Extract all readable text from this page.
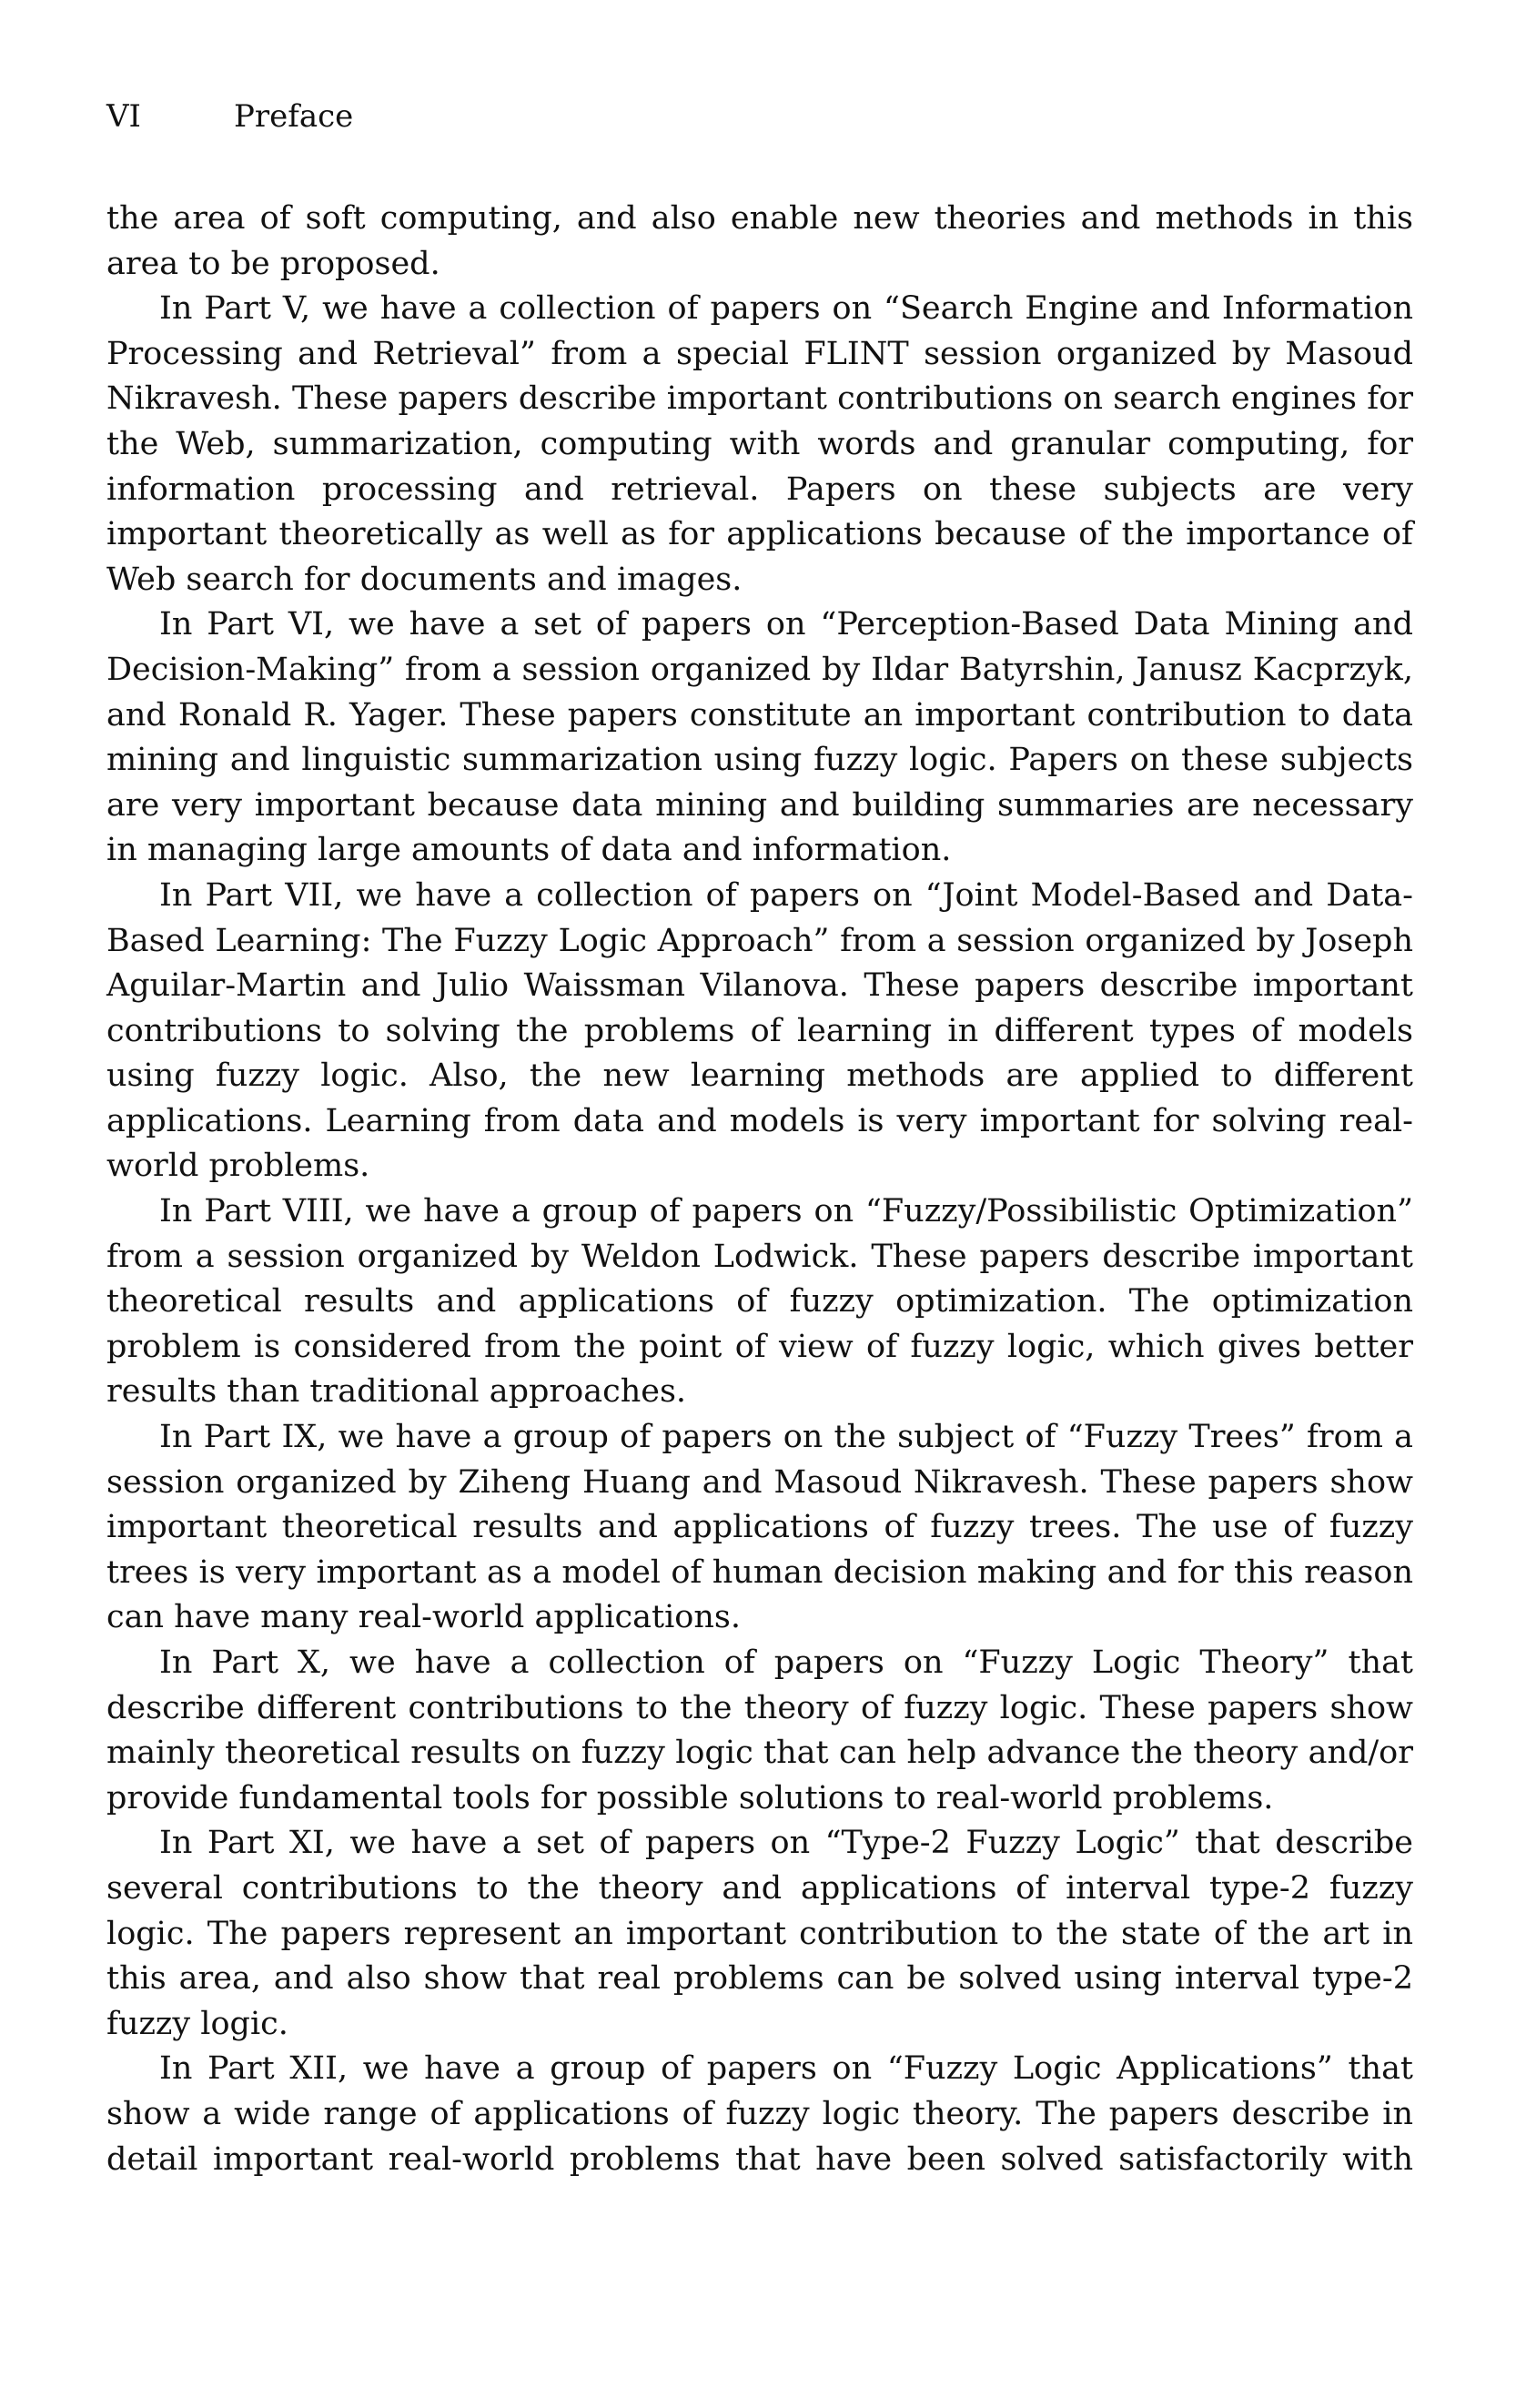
VI	Preface

the area of soft computing, and also enable new theories and methods in this area to be proposed.

In Part V, we have a collection of papers on “Search Engine and Information Processing and Retrieval” from a special FLINT session organized by Masoud Nikravesh. These papers describe important contributions on search engines for the Web, summarization, computing with words and granular computing, for information processing and retrieval. Papers on these subjects are very important theoretically as well as for applications because of the importance of Web search for documents and images.

In Part VI, we have a set of papers on “Perception-Based Data Mining and Decision-Making” from a session organized by Ildar Batyrshin, Janusz Kacprzyk, and Ronald R. Yager. These papers constitute an important contribution to data mining and linguistic summarization using fuzzy logic. Papers on these subjects are very important because data mining and building summaries are necessary in managing large amounts of data and information.

In Part VII, we have a collection of papers on “Joint Model-Based and Data-Based Learning: The Fuzzy Logic Approach” from a session organized by Joseph Aguilar-Martin and Julio Waissman Vilanova. These papers describe important contributions to solving the problems of learning in different types of models using fuzzy logic. Also, the new learning methods are applied to different applications. Learning from data and models is very important for solving real-world problems.

In Part VIII, we have a group of papers on “Fuzzy/Possibilistic Optimization” from a session organized by Weldon Lodwick. These papers describe important theoretical results and applications of fuzzy optimization. The optimization problem is considered from the point of view of fuzzy logic, which gives better results than traditional approaches.

In Part IX, we have a group of papers on the subject of “Fuzzy Trees” from a session organized by Ziheng Huang and Masoud Nikravesh. These papers show important theoretical results and applications of fuzzy trees. The use of fuzzy trees is very important as a model of human decision making and for this reason can have many real-world applications.

In Part X, we have a collection of papers on “Fuzzy Logic Theory” that describe different contributions to the theory of fuzzy logic. These papers show mainly theoretical results on fuzzy logic that can help advance the theory and/or provide fundamental tools for possible solutions to real-world problems.

In Part XI, we have a set of papers on “Type-2 Fuzzy Logic” that describe several contributions to the theory and applications of interval type-2 fuzzy logic. The papers represent an important contribution to the state of the art in this area, and also show that real problems can be solved using interval type-2 fuzzy logic.

In Part XII, we have a group of papers on “Fuzzy Logic Applications” that show a wide range of applications of fuzzy logic theory. The papers describe in detail important real-world problems that have been solved satisfactorily with
